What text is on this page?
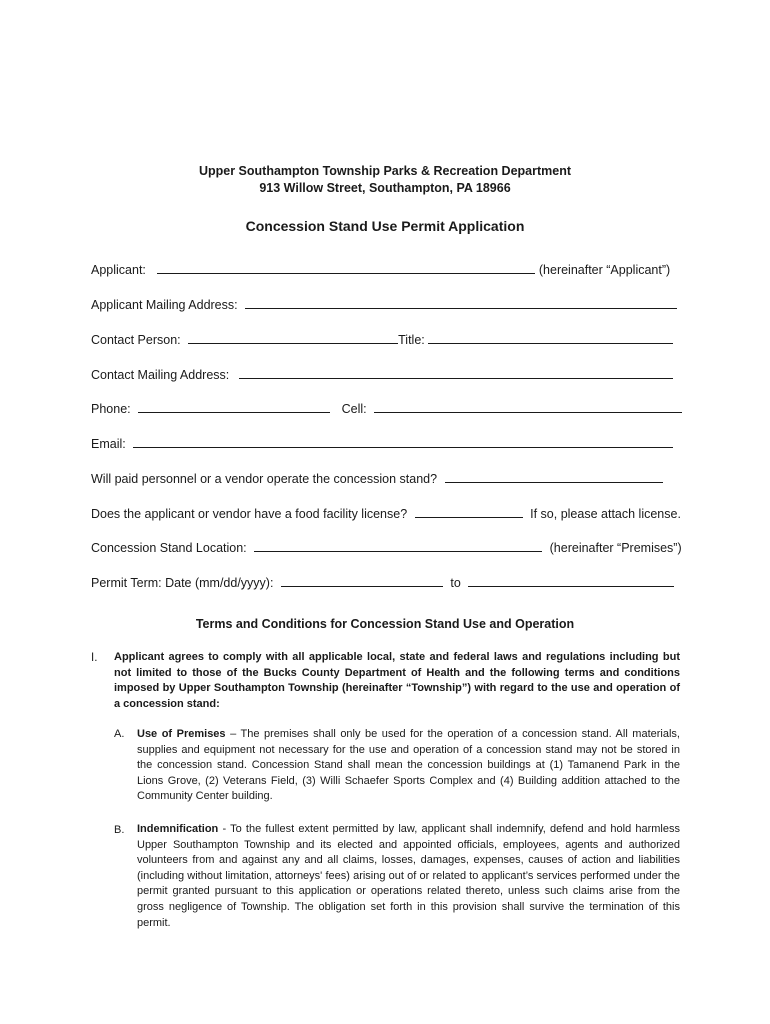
Upper Southampton Township Parks & Recreation Department
913 Willow Street, Southampton, PA 18966
Concession Stand Use Permit Application
Applicant:	(hereinafter “Applicant”)
Applicant Mailing Address:
Contact Person:	Title:
Contact Mailing Address:
Phone:	Cell:
Email:
Will paid personnel or a vendor operate the concession stand?
Does the applicant or vendor have a food facility license?	If so, please attach license.
Concession Stand Location:	(hereinafter “Premises”)
Permit Term: Date (mm/dd/yyyy):	to
Terms and Conditions for Concession Stand Use and Operation
I. Applicant agrees to comply with all applicable local, state and federal laws and regulations including but not limited to those of the Bucks County Department of Health and the following terms and conditions imposed by Upper Southampton Township (hereinafter “Township”) with regard to the use and operation of a concession stand:
A. Use of Premises – The premises shall only be used for the operation of a concession stand. All materials, supplies and equipment not necessary for the use and operation of a concession stand may not be stored in the concession stand. Concession Stand shall mean the concession buildings at (1) Tamanend Park in the Lions Grove, (2) Veterans Field, (3) Willi Schaefer Sports Complex and (4) Building addition attached to the Community Center building.
B. Indemnification - To the fullest extent permitted by law, applicant shall indemnify, defend and hold harmless Upper Southampton Township and its elected and appointed officials, employees, agents and authorized volunteers from and against any and all claims, losses, damages, expenses, causes of action and liabilities (including without limitation, attorneys' fees) arising out of or related to applicant’s services performed under the permit granted pursuant to this application or operations related thereto, unless such claims arise from the gross negligence of Township. The obligation set forth in this provision shall survive the termination of this permit.
